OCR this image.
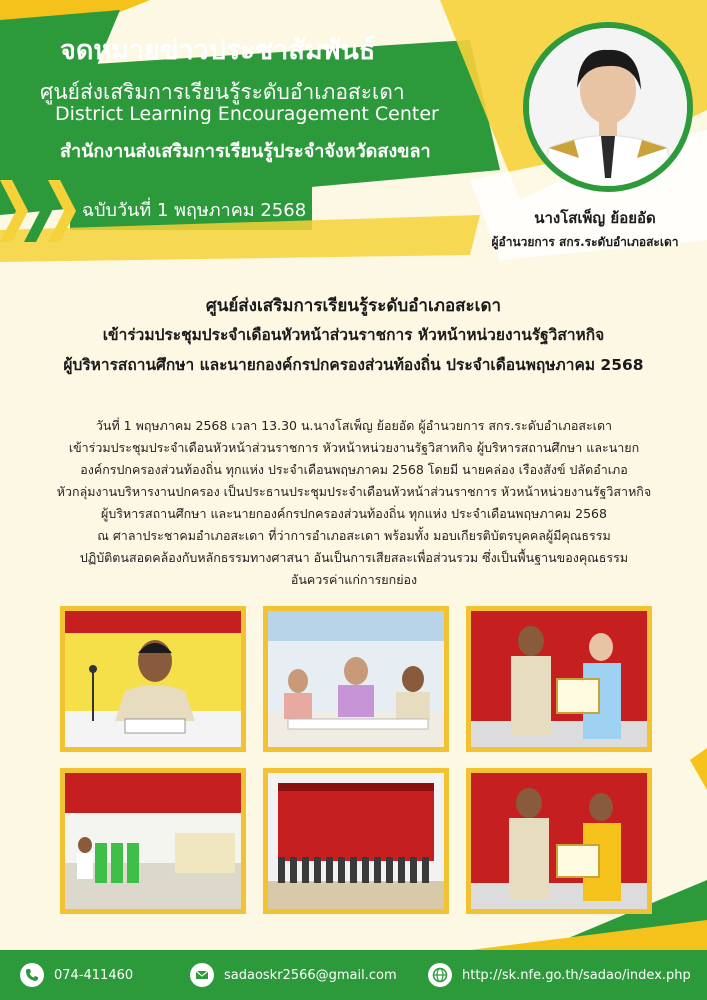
จดหมายข่าวประชาสัมพันธ์
ศูนย์ส่งเสริมการเรียนรู้ระดับอำเภอสะเดา
District Learning Encouragement Center
สำนักงานส่งเสริมการเรียนรู้ประจำจังหวัดสงขลา
ฉบับวันที่ 1 พฤษภาคม 2568	นางโสเพ็ญ ย้อยอัด
ผู้อำนวยการ สกร.ระดับอำเภอสะเดา
ศูนย์ส่งเสริมการเรียนรู้ระดับอำเภอสะเดา
เข้าร่วมประชุมประจำเดือนหัวหน้าส่วนราชการ หัวหน้าหน่วยงานรัฐวิสาหกิจ
ผู้บริหารสถานศึกษา และนายกองค์กรปกครองส่วนท้องถิ่น ประจำเดือนพฤษภาคม 2568
วันที่ 1 พฤษภาคม 2568 เวลา 13.30 น.นางโสเพ็ญ ย้อยอัด ผู้อำนวยการ สกร.ระดับอำเภอสะเดา
เข้าร่วมประชุมประจำเดือนหัวหน้าส่วนราชการ หัวหน้าหน่วยงานรัฐวิสาหกิจ ผู้บริหารสถานศึกษา และนายก
องค์กรปกครองส่วนท้องถิ่น ทุกแห่ง ประจำเดือนพฤษภาคม 2568 โดยมี นายคล่อง เรืองสังข์ ปลัดอำเภอ
หัวกลุ่มงานบริหารงานปกครอง เป็นประธานประชุมประจำเดือนหัวหน้าส่วนราชการ หัวหน้าหน่วยงานรัฐวิสาหกิจ
ผู้บริหารสถานศึกษา และนายกองค์กรปกครองส่วนท้องถิ่น ทุกแห่ง ประจำเดือนพฤษภาคม 2568
ณ ศาลาประชาคมอำเภอสะเดา ที่ว่าการอำเภอสะเดา พร้อมทั้ง มอบเกียรติบัตรบุคคลผู้มีคุณธรรม
ปฏิบัติตนสอดคล้องกับหลักธรรมทางศาสนา อันเป็นการเสียสละเพื่อส่วนรวม ซึ่งเป็นพื้นฐานของคุณธรรม
อันควรค่าแก่การยกย่อง
074-411460	sadaoskr2566@gmail.com	http://sk.nfe.go.th/sadao/index.php
